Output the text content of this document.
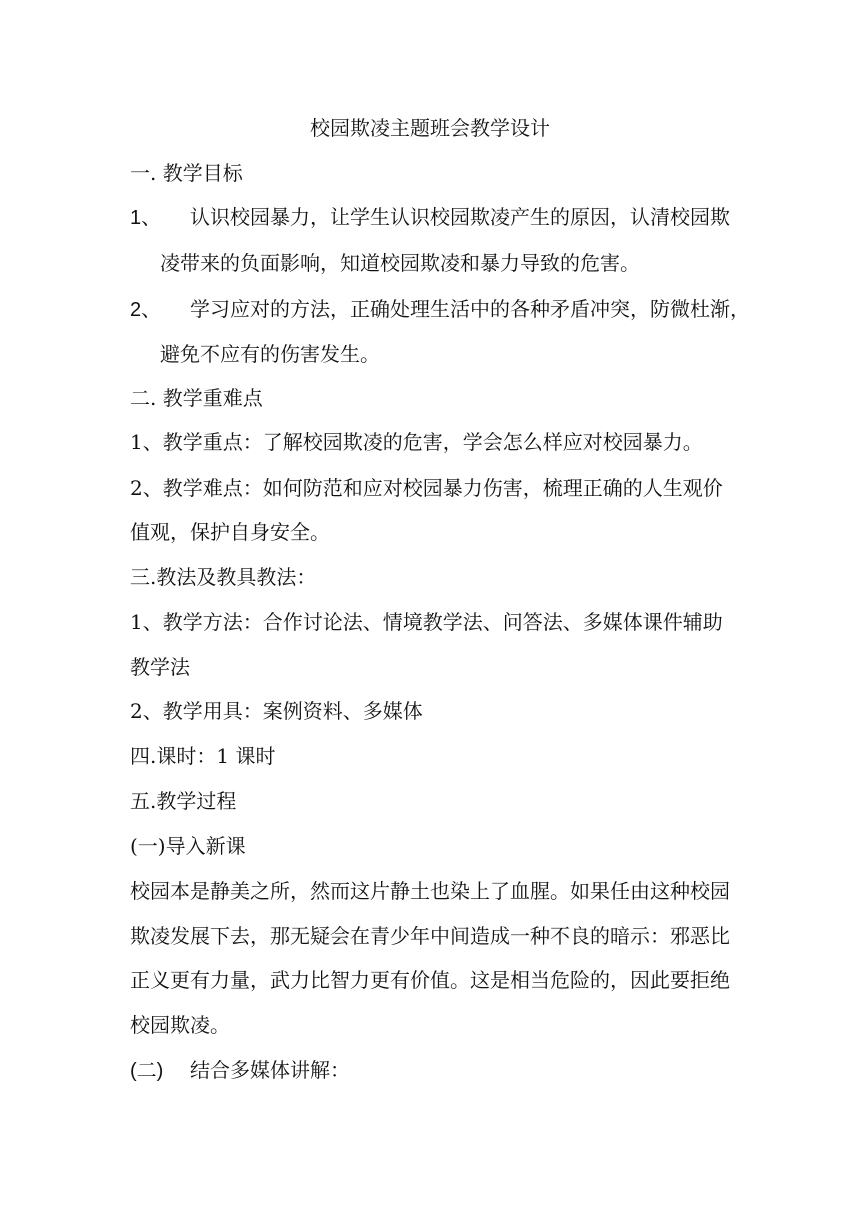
校园欺凌主题班会教学设计
一. 教学目标
1、 认识校园暴力，让学生认识校园欺凌产生的原因，认清校园欺
凌带来的负面影响，知道校园欺凌和暴力导致的危害。
2、 学习应对的方法，正确处理生活中的各种矛盾冲突，防微杜渐，
避免不应有的伤害发生。
二. 教学重难点
1、教学重点：了解校园欺凌的危害，学会怎么样应对校园暴力。
2、教学难点：如何防范和应对校园暴力伤害，梳理正确的人生观价
值观，保护自身安全。
三.教法及教具教法：
1、教学方法：合作讨论法、情境教学法、问答法、多媒体课件辅助
教学法
2、教学用具：案例资料、多媒体
四.课时：1 课时
五.教学过程
(一)导入新课
校园本是静美之所，然而这片静土也染上了血腥。如果任由这种校园
欺凌发展下去，那无疑会在青少年中间造成一种不良的暗示：邪恶比
正义更有力量，武力比智力更有价值。这是相当危险的，因此要拒绝
校园欺凌。
(二) 结合多媒体讲解：
